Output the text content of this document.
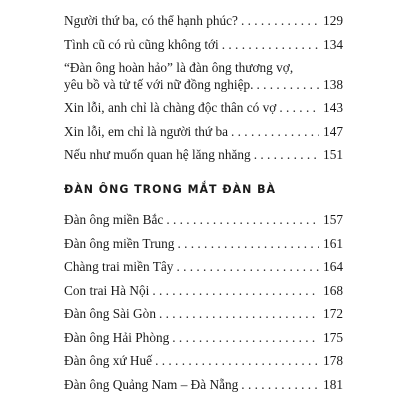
Người thứ ba, có thể hạnh phúc? . . .	129
Tình cũ có rủ cũng không tới . . .	134
“Đàn ông hoàn hảo” là đàn ông thương vợ,
yêu bồ và tử tế với nữ đồng nghiệp. . . .	138
Xin lỗi, anh chỉ là chàng độc thân có vợ . . .	143
Xin lỗi, em chỉ là người thứ ba . . .	147
Nếu như muốn quan hệ lăng nhăng . . .	151
ĐÀN ÔNG TRONG MẮT ĐÀN BÀ
Đàn ông miền Bắc . . .	157
Đàn ông miền Trung . . .	161
Chàng trai miền Tây . . .	164
Con trai Hà Nội . . .	168
Đàn ông Sài Gòn . . .	172
Đàn ông Hải Phòng . . .	175
Đàn ông xứ Huế . . .	178
Đàn ông Quảng Nam – Đà Nẵng . . .	181
